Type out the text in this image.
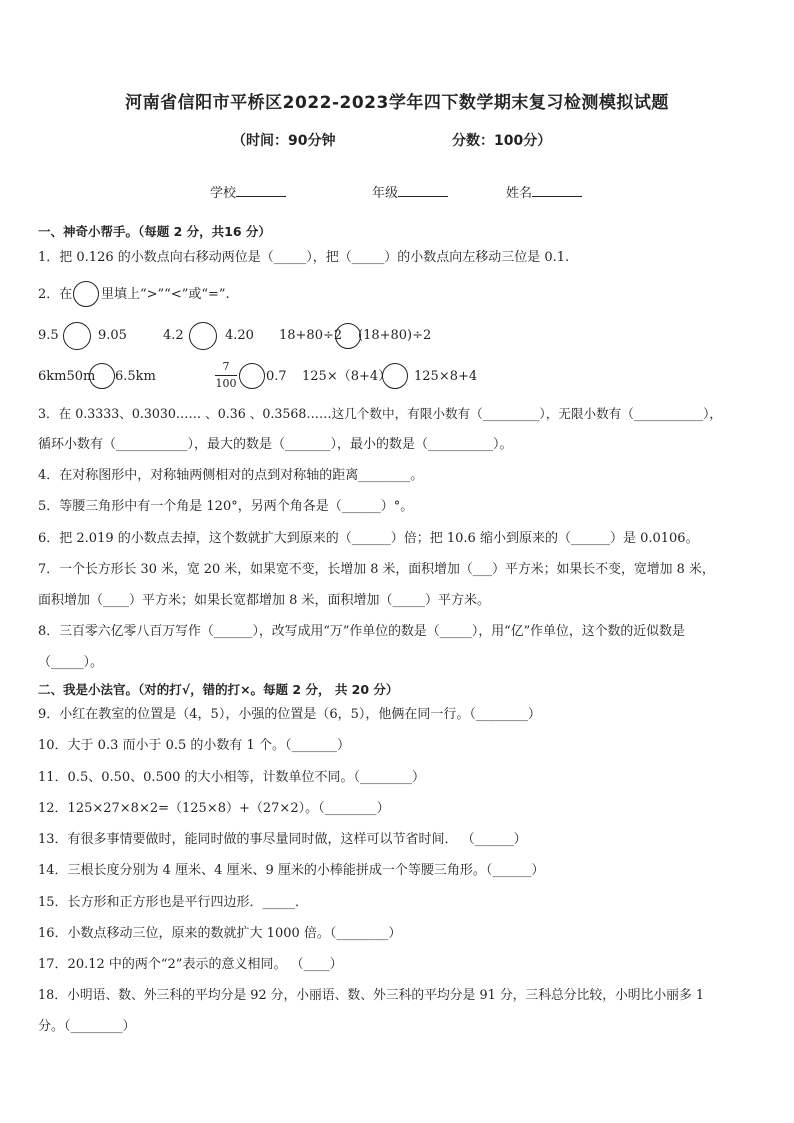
河南省信阳市平桥区2022-2023学年四下数学期末复习检测模拟试题
（时间：90分钟	分数：100分）
学校	年级	姓名
一、神奇小帮手。（每题 2 分，共16 分）
1．把 0.126 的小数点向右移动两位是（_____），把（_____）的小数点向左移动三位是 0.1.
2．在 里填上“>”“<”或“=”.
9.5	9.05	4.2	4.20 18+80÷2 (18+80)÷2
6km50m 6.5km
7
100 0.7 125×（8+4） 125×8+4
3．在 0.3333、0.3030…… 、0.36 、0.3568……这几个数中，有限小数有（_________），无限小数有（___________），
循环小数有（___________），最大的数是（_______），最小的数是（__________）。
4．在对称图形中，对称轴两侧相对的点到对称轴的距离________。
5．等腰三角形中有一个角是 120°，另两个角各是（______）°。
6．把 2.019 的小数点去掉，这个数就扩大到原来的（______）倍；把 10.6 缩小到原来的（______）是 0.0106。
7．一个长方形长 30 米，宽 20 米，如果宽不变，长增加 8 米，面积增加（___）平方米；如果长不变，宽增加 8 米，
面积增加（____）平方米；如果长宽都增加 8 米，面积增加（_____）平方米。
8．三百零六亿零八百万写作（______），改写成用“万”作单位的数是（_____），用“亿”作单位，这个数的近似数是
（_____）。
二、我是小法官。（对的打√，错的打×。每题 2 分， 共 20 分）
9．小红在教室的位置是（4，5），小强的位置是（6，5），他俩在同一行。（________）
10．大于 0.3 而小于 0.5 的小数有 1 个。（_______）
11．0.5、0.50、0.500 的大小相等，计数单位不同。（________）
12．125×27×8×2=（125×8）+（27×2）。（________）
13．有很多事情要做时，能同时做的事尽量同时做，这样可以节省时间． （______）
14．三根长度分别为 4 厘米、4 厘米、9 厘米的小棒能拼成一个等腰三角形。（______）
15．长方形和正方形也是平行四边形．_____．
16．小数点移动三位，原来的数就扩大 1000 倍。（________）
17．20.12 中的两个“2”表示的意义相同。 （____）
18．小明语、数、外三科的平均分是 92 分，小丽语、数、外三科的平均分是 91 分，三科总分比较，小明比小丽多 1
分。（________）
